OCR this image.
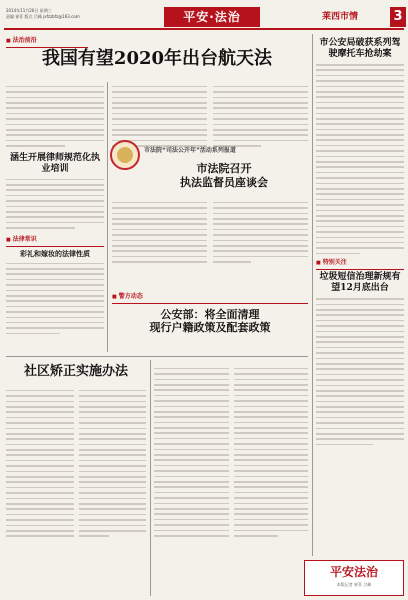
2014年11月26日 星期三
责编 崔菲 版式 吕峰 jxfzzbfz@163.com	平安·法治	莱西市情	3
■ 法治前沿
我国有望2020年出台航天法
涵生开展律师规范化执业培训
■ 法律常识
彩礼和嫁妆的法律性质
市法院“司法公开年”活动系列报道
市法院召开
执法监督员座谈会
■ 警方动态
公安部：将全面清理
现行户籍政策及配套政策
社区矫正实施办法
市公安局破获系列驾驶摩托车抢劫案
■ 特别关注
垃圾短信治理新规有望12月底出台
平安法治
本版记者 崔菲 吕峰
